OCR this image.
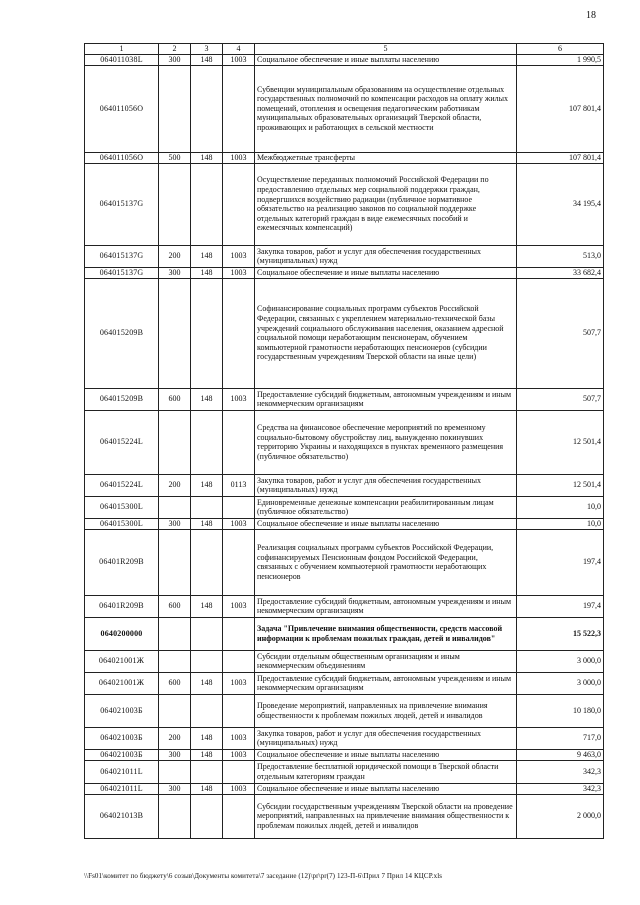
18
1	2	3	4	5	6
064011038L	300	148	1003	Социальное обеспечение и иные выплаты населению	1 990,5
064011056О				Субвенции муниципальным образованиям на осуществление отдельных государственных полномочий по компенсации расходов на оплату жилых помещений, отопления и освещения педагогическим работникам муниципальных образовательных организаций Тверской области, проживающих и работающих в сельской местности	107 801,4
064011056О	500	148	1003	Межбюджетные трансферты	107 801,4
064015137G				Осуществление переданных полномочий Российской Федерации по предоставлению отдельных мер социальной поддержки граждан, подвергшихся воздействию радиации (публичное нормативное обязательство на реализацию законов по социальной поддержке отдельных категорий граждан в виде ежемесячных пособий и ежемесячных компенсаций)	34 195,4
064015137G	200	148	1003	Закупка товаров, работ и услуг для обеспечения государственных (муниципальных) нужд	513,0
064015137G	300	148	1003	Социальное обеспечение и иные выплаты населению	33 682,4
064015209В				Софинансирование социальных программ субъектов Российской Федерации, связанных с укреплением материально-технической базы учреждений социального обслуживания населения, оказанием адресной социальной помощи неработающим пенсионерам, обучением компьютерной грамотности неработающих пенсионеров (субсидии государственным учреждениям Тверской области на иные цели)	507,7
064015209В	600	148	1003	Предоставление субсидий бюджетным, автономным учреждениям и иным некоммерческим организациям	507,7
064015224L				Средства на финансовое обеспечение мероприятий по временному социально-бытовому обустройству лиц, вынужденно покинувших территорию Украины и находящихся в пунктах временного размещения (публичное обязательство)	12 501,4
064015224L	200	148	0113	Закупка товаров, работ и услуг для обеспечения государственных (муниципальных) нужд	12 501,4
064015300L				Единовременные денежные компенсации реабилитированным лицам (публичное обязательство)	10,0
064015300L	300	148	1003	Социальное обеспечение и иные выплаты населению	10,0
06401R209В				Реализация социальных программ субъектов Российской Федерации, софинансируемых Пенсионным фондом Российской Федерации, связанных с обучением компьютерной грамотности неработающих пенсионеров	197,4
06401R209В	600	148	1003	Предоставление субсидий бюджетным, автономным учреждениям и иным некоммерческим организациям	197,4
0640200000				Задача "Привлечение внимания общественности, средств массовой информации к проблемам пожилых граждан, детей и инвалидов"	15 522,3
064021001Ж				Субсидии отдельным общественным организациям и иным некоммерческим объединениям	3 000,0
064021001Ж	600	148	1003	Предоставление субсидий бюджетным, автономным учреждениям и иным некоммерческим организациям	3 000,0
064021003Б				Проведение мероприятий, направленных на привлечение внимания общественности к проблемам пожилых людей, детей и инвалидов	10 180,0
064021003Б	200	148	1003	Закупка товаров, работ и услуг для обеспечения государственных (муниципальных) нужд	717,0
064021003Б	300	148	1003	Социальное обеспечение и иные выплаты населению	9 463,0
064021011L				Предоставление бесплатной юридической помощи в Тверской области отдельным категориям граждан	342,3
064021011L	300	148	1003	Социальное обеспечение и иные выплаты населению	342,3
064021013В				Субсидии государственным учреждениям Тверской области на проведение мероприятий, направленных на привлечение внимания общественности к проблемам пожилых людей, детей и инвалидов	2 000,0
\\Fs01\комитет по бюджету\6 созыв\Документы комитета\7 заседание (12)\pr\pr(7) 123-П-6\Прил 7 Прил 14 КЦСР.xls
